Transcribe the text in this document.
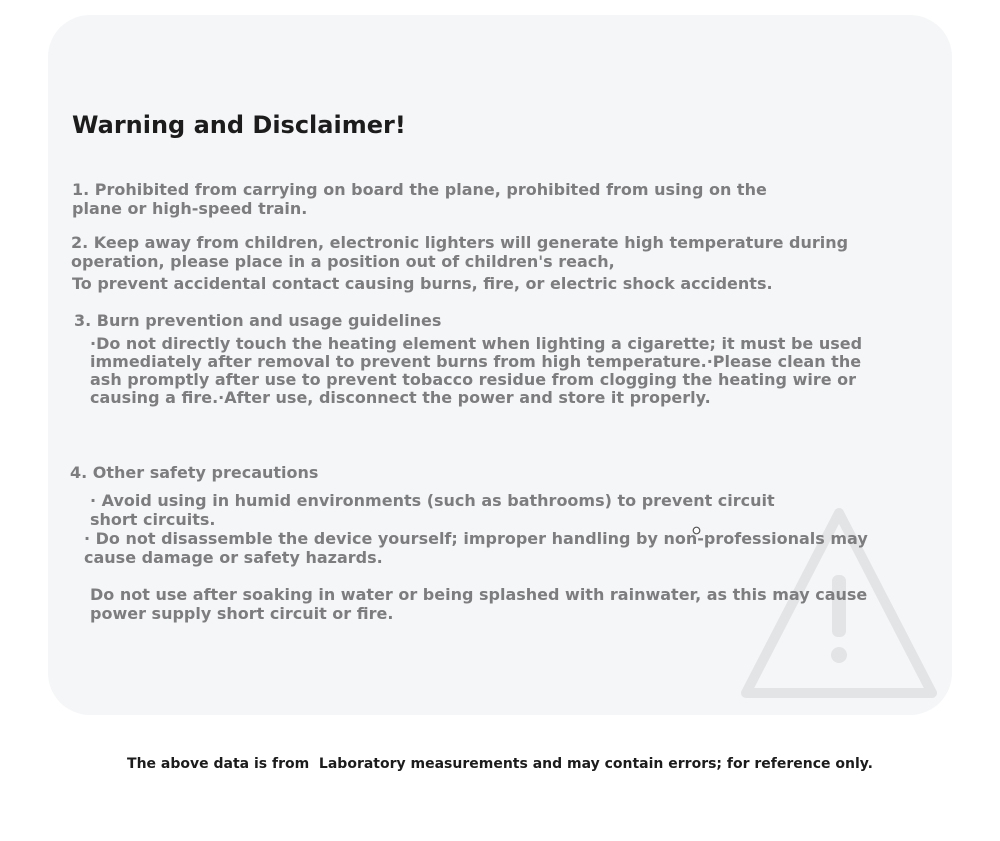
Warning and Disclaimer!

1. Prohibited from carrying on board the plane, prohibited from using on the plane or high-speed train.

2. Keep away from children, electronic lighters will generate high temperature during operation, please place in a position out of children's reach,

To prevent accidental contact causing burns, fire, or electric shock accidents.

3. Burn prevention and usage guidelines

·Do not directly touch the heating element when lighting a cigarette; it must be used immediately after removal to prevent burns from high temperature.·Please clean the ash promptly after use to prevent tobacco residue from clogging the heating wire or causing a fire.·After use, disconnect the power and store it properly.

4. Other safety precautions

· Avoid using in humid environments (such as bathrooms) to prevent circuit short circuits.

· Do not disassemble the device yourself; improper handling by non-professionals may cause damage or safety hazards.

Do not use after soaking in water or being splashed with rainwater, as this may cause power supply short circuit or fire.

The above data is from  Laboratory measurements and may contain errors; for reference only.
